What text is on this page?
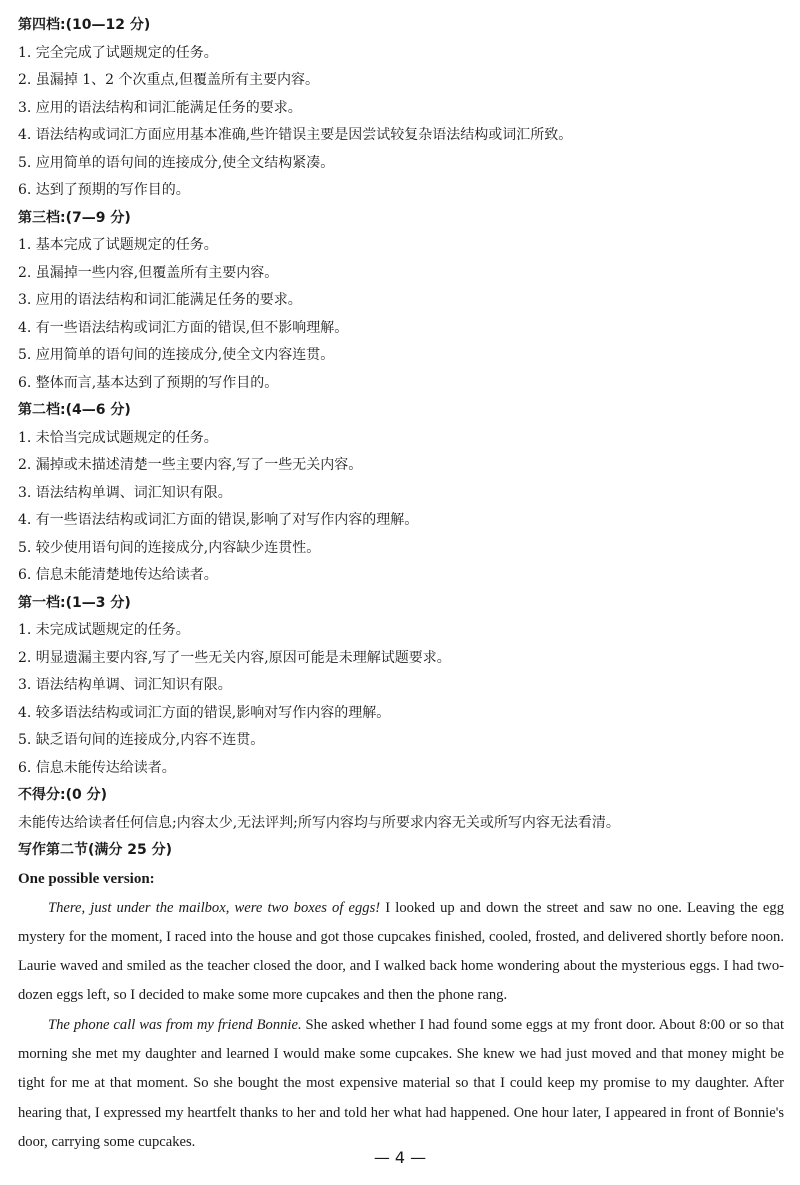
第四档:(10—12 分)
1. 完全完成了试题规定的任务。
2. 虽漏掉 1、2 个次重点,但覆盖所有主要内容。
3. 应用的语法结构和词汇能满足任务的要求。
4. 语法结构或词汇方面应用基本准确,些许错误主要是因尝试较复杂语法结构或词汇所致。
5. 应用简单的语句间的连接成分,使全文结构紧凑。
6. 达到了预期的写作目的。
第三档:(7—9 分)
1. 基本完成了试题规定的任务。
2. 虽漏掉一些内容,但覆盖所有主要内容。
3. 应用的语法结构和词汇能满足任务的要求。
4. 有一些语法结构或词汇方面的错误,但不影响理解。
5. 应用简单的语句间的连接成分,使全文内容连贯。
6. 整体而言,基本达到了预期的写作目的。
第二档:(4—6 分)
1. 未恰当完成试题规定的任务。
2. 漏掉或未描述清楚一些主要内容,写了一些无关内容。
3. 语法结构单调、词汇知识有限。
4. 有一些语法结构或词汇方面的错误,影响了对写作内容的理解。
5. 较少使用语句间的连接成分,内容缺少连贯性。
6. 信息未能清楚地传达给读者。
第一档:(1—3 分)
1. 未完成试题规定的任务。
2. 明显遗漏主要内容,写了一些无关内容,原因可能是未理解试题要求。
3. 语法结构单调、词汇知识有限。
4. 较多语法结构或词汇方面的错误,影响对写作内容的理解。
5. 缺乏语句间的连接成分,内容不连贯。
6. 信息未能传达给读者。
不得分:(0 分)
未能传达给读者任何信息;内容太少,无法评判;所写内容均与所要求内容无关或所写内容无法看清。
写作第二节(满分 25 分)
One possible version:

There, just under the mailbox, were two boxes of eggs! I looked up and down the street and saw no one. Leaving the egg mystery for the moment, I raced into the house and got those cupcakes finished, cooled, frosted, and delivered shortly before noon. Laurie waved and smiled as the teacher closed the door, and I walked back home wondering about the mysterious eggs. I had two-dozen eggs left, so I decided to make some more cupcakes and then the phone rang.

The phone call was from my friend Bonnie. She asked whether I had found some eggs at my front door. About 8:00 or so that morning she met my daughter and learned I would make some cupcakes. She knew we had just moved and that money might be tight for me at that moment. So she bought the most expensive material so that I could keep my promise to my daughter. After hearing that, I expressed my heartfelt thanks to her and told her what had happened. One hour later, I appeared in front of Bonnie's door, carrying some cupcakes.

— 4 —
